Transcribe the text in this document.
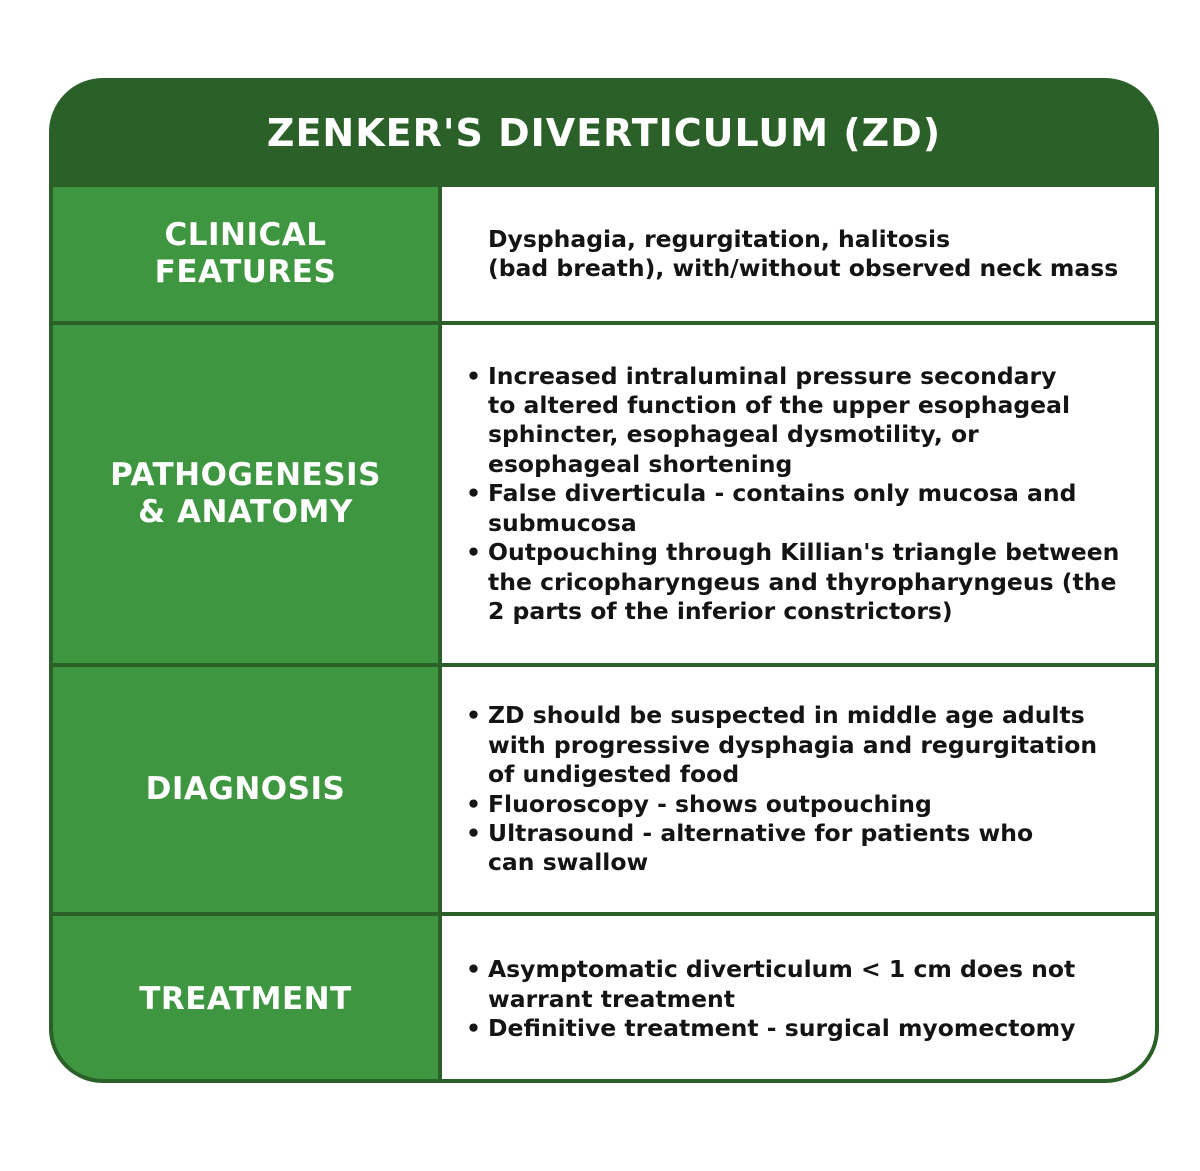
ZENKER'S DIVERTICULUM (ZD)
CLINICAL
FEATURES

Dysphagia, regurgitation, halitosis
(bad breath), with/without observed neck mass

PATHOGENESIS
& ANATOMY
• Increased intraluminal pressure secondary
to altered function of the upper esophageal
sphincter, esophageal dysmotility, or
esophageal shortening
• False diverticula - contains only mucosa and
submucosa
• Outpouching through Killian's triangle between
the cricopharyngeus and thyropharyngeus (the
2 parts of the inferior constrictors)
DIAGNOSIS
• ZD should be suspected in middle age adults
with progressive dysphagia and regurgitation
of undigested food
• Fluoroscopy - shows outpouching
• Ultrasound - alternative for patients who
can swallow
TREATMENT
• Asymptomatic diverticulum < 1 cm does not
warrant treatment
• Definitive treatment - surgical myomectomy
